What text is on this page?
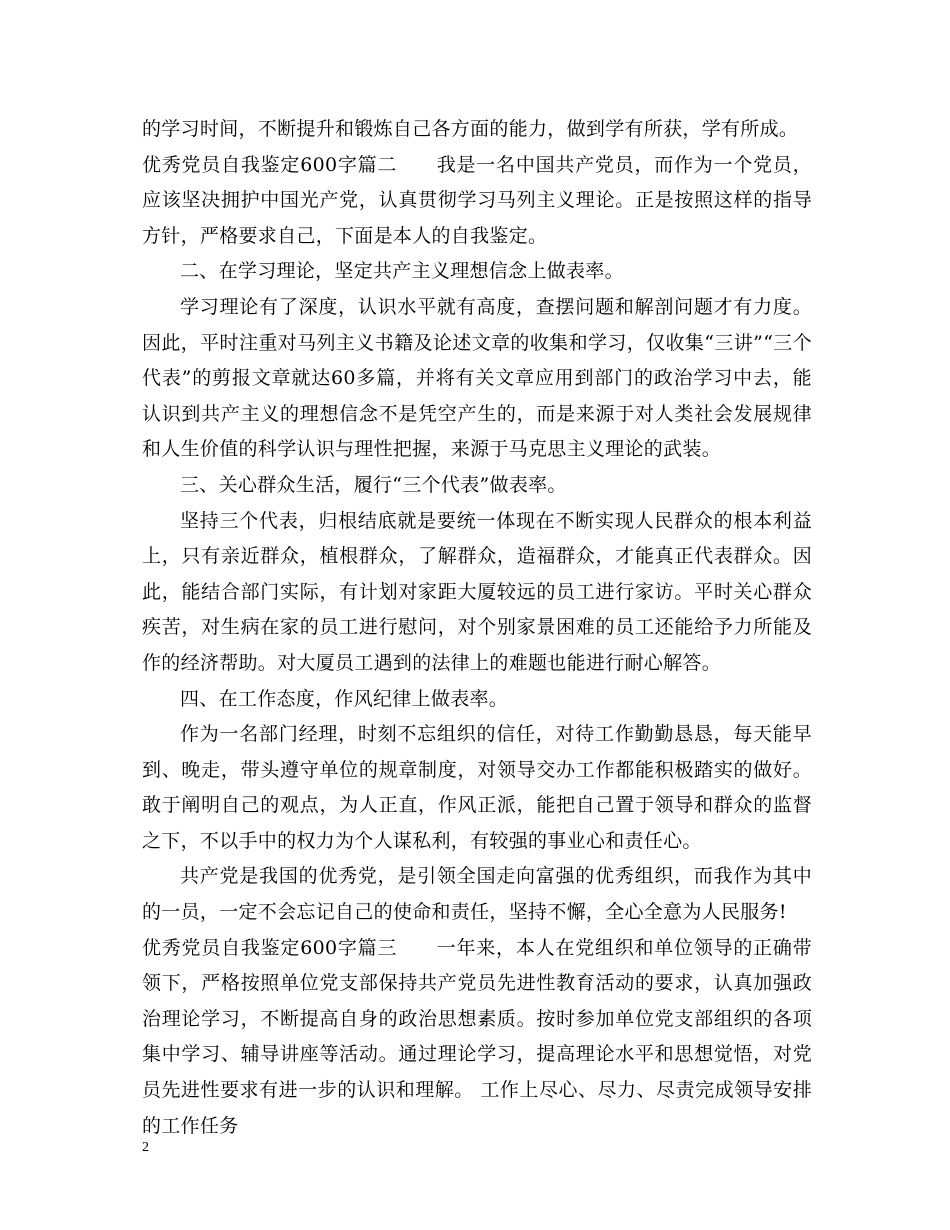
的学习时间，不断提升和锻炼自己各方面的能力，做到学有所获，学有所成。

优秀党员自我鉴定600字篇二　　我是一名中国共产党员，而作为一个党员，应该坚决拥护中国光产党，认真贯彻学习马列主义理论。正是按照这样的指导方针，严格要求自己，下面是本人的自我鉴定。

二、在学习理论，坚定共产主义理想信念上做表率。

学习理论有了深度，认识水平就有高度，查摆问题和解剖问题才有力度。因此，平时注重对马列主义书籍及论述文章的收集和学习，仅收集“三讲”“三个代表”的剪报文章就达60多篇，并将有关文章应用到部门的政治学习中去，能认识到共产主义的理想信念不是凭空产生的，而是来源于对人类社会发展规律和人生价值的科学认识与理性把握，来源于马克思主义理论的武装。

三、关心群众生活，履行“三个代表”做表率。

坚持三个代表，归根结底就是要统一体现在不断实现人民群众的根本利益上，只有亲近群众，植根群众，了解群众，造福群众，才能真正代表群众。因此，能结合部门实际，有计划对家距大厦较远的员工进行家访。平时关心群众疾苦，对生病在家的员工进行慰问，对个别家景困难的员工还能给予力所能及作的经济帮助。对大厦员工遇到的法律上的难题也能进行耐心解答。

四、在工作态度，作风纪律上做表率。

作为一名部门经理，时刻不忘组织的信任，对待工作勤勤恳恳，每天能早到、晚走，带头遵守单位的规章制度，对领导交办工作都能积极踏实的做好。敢于阐明自己的观点，为人正直，作风正派，能把自己置于领导和群众的监督之下，不以手中的权力为个人谋私利，有较强的事业心和责任心。

共产党是我国的优秀党，是引领全国走向富强的优秀组织，而我作为其中的一员，一定不会忘记自己的使命和责任，坚持不懈，全心全意为人民服务!

优秀党员自我鉴定600字篇三　　一年来，本人在党组织和单位领导的正确带领下，严格按照单位党支部保持共产党员先进性教育活动的要求，认真加强政治理论学习，不断提高自身的政治思想素质。按时参加单位党支部组织的各项集中学习、辅导讲座等活动。通过理论学习，提高理论水平和思想觉悟，对党员先进性要求有进一步的认识和理解。 工作上尽心、尽力、尽责完成领导安排的工作任务

2
